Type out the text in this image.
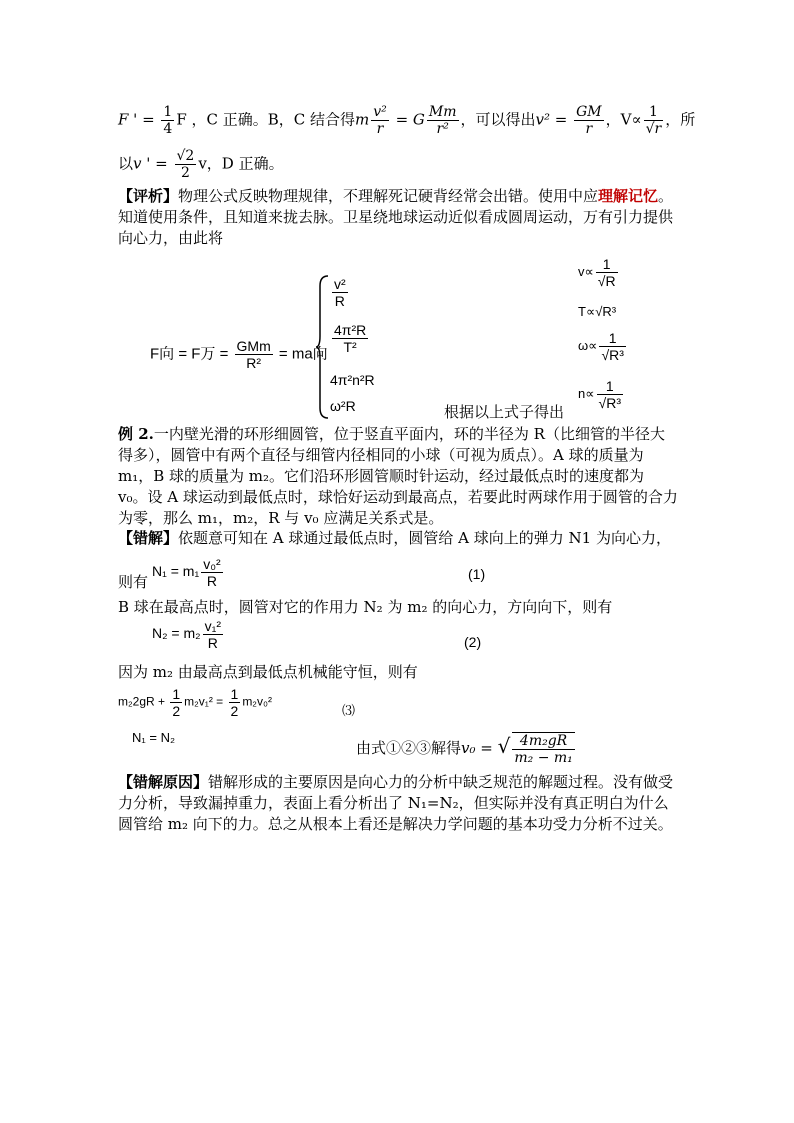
F ' = $\frac{1}{4}$ F ，C 正确。B，C 结合得m $\frac{\text{v²}}{r} = G \frac{Mm}{\text{r²}}$ ，可以得出$v^2 = \frac{GM}{r}$ ，$V\propto \frac{1}{√r}$ ，所
以v ' = $\frac{√2}{2}$ v，D 正确。
【评析】物理公式反映物理规律，不理解死记硬背经常会出错。使用中应理解记忆。知道使用条件，且知道来拢去脉。卫星绕地球运动近似看成圆周运动，万有引力提供向心力，由此将
F向 = F万 = $\frac{\text{GMm}}{\text{R²}}$ = ma向
$\frac{\text{v²}}{R}$
$\frac{\text{4π²R}}{\text{T²}}$
4π²n²R
ω²R
$v\propto \frac{1}{√R}$
T∝√R³
$\omega\propto \frac{1}{\text{√R³}}$
$n\propto \frac{1}{\text{√R³}}$
根据以上式子得出
例 2.一内壁光滑的环形细圆管，位于竖直平面内，环的半径为 R（比细管的半径大得多），圆管中有两个直径与细管内径相同的小球（可视为质点）。A 球的质量为 m₁，B 球的质量为 m₂。它们沿环形圆管顺时针运动，经过最低点时的速度都为 v₀。设 A 球运动到最低点时，球恰好运动到最高点，若要此时两球作用于圆管的合力为零，那么 m₁，m₂，R 与 v₀ 应满足关系式是。
【错解】依题意可知在 A 球通过最低点时，圆管给 A 球向上的弹力 N1 为向心力，
则有
$N_1 = m_1 \frac{\text{v₀²}}{R}$	(1)
B 球在最高点时，圆管对它的作用力 N₂ 为 m₂ 的向心力，方向向下，则有
$N_2 = m_2 \frac{\text{v₁²}}{R}$	(2)
因为 m₂ 由最高点到最低点机械能守恒，则有
$m_22gR + \frac{1}{2} m_2v_1^2 = \frac{1}{2} m_2v_0^2$
⑶
N₁ = N₂
由式①②③解得v₀ = √ $\frac{\text{4m₂gR}}{\text{m₂ − m₁}}$
【错解原因】错解形成的主要原因是向心力的分析中缺乏规范的解题过程。没有做受力分析，导致漏掉重力，表面上看分析出了 N₁=N₂，但实际并没有真正明白为什么圆管给 m₂ 向下的力。总之从根本上看还是解决力学问题的基本功受力分析不过关。
